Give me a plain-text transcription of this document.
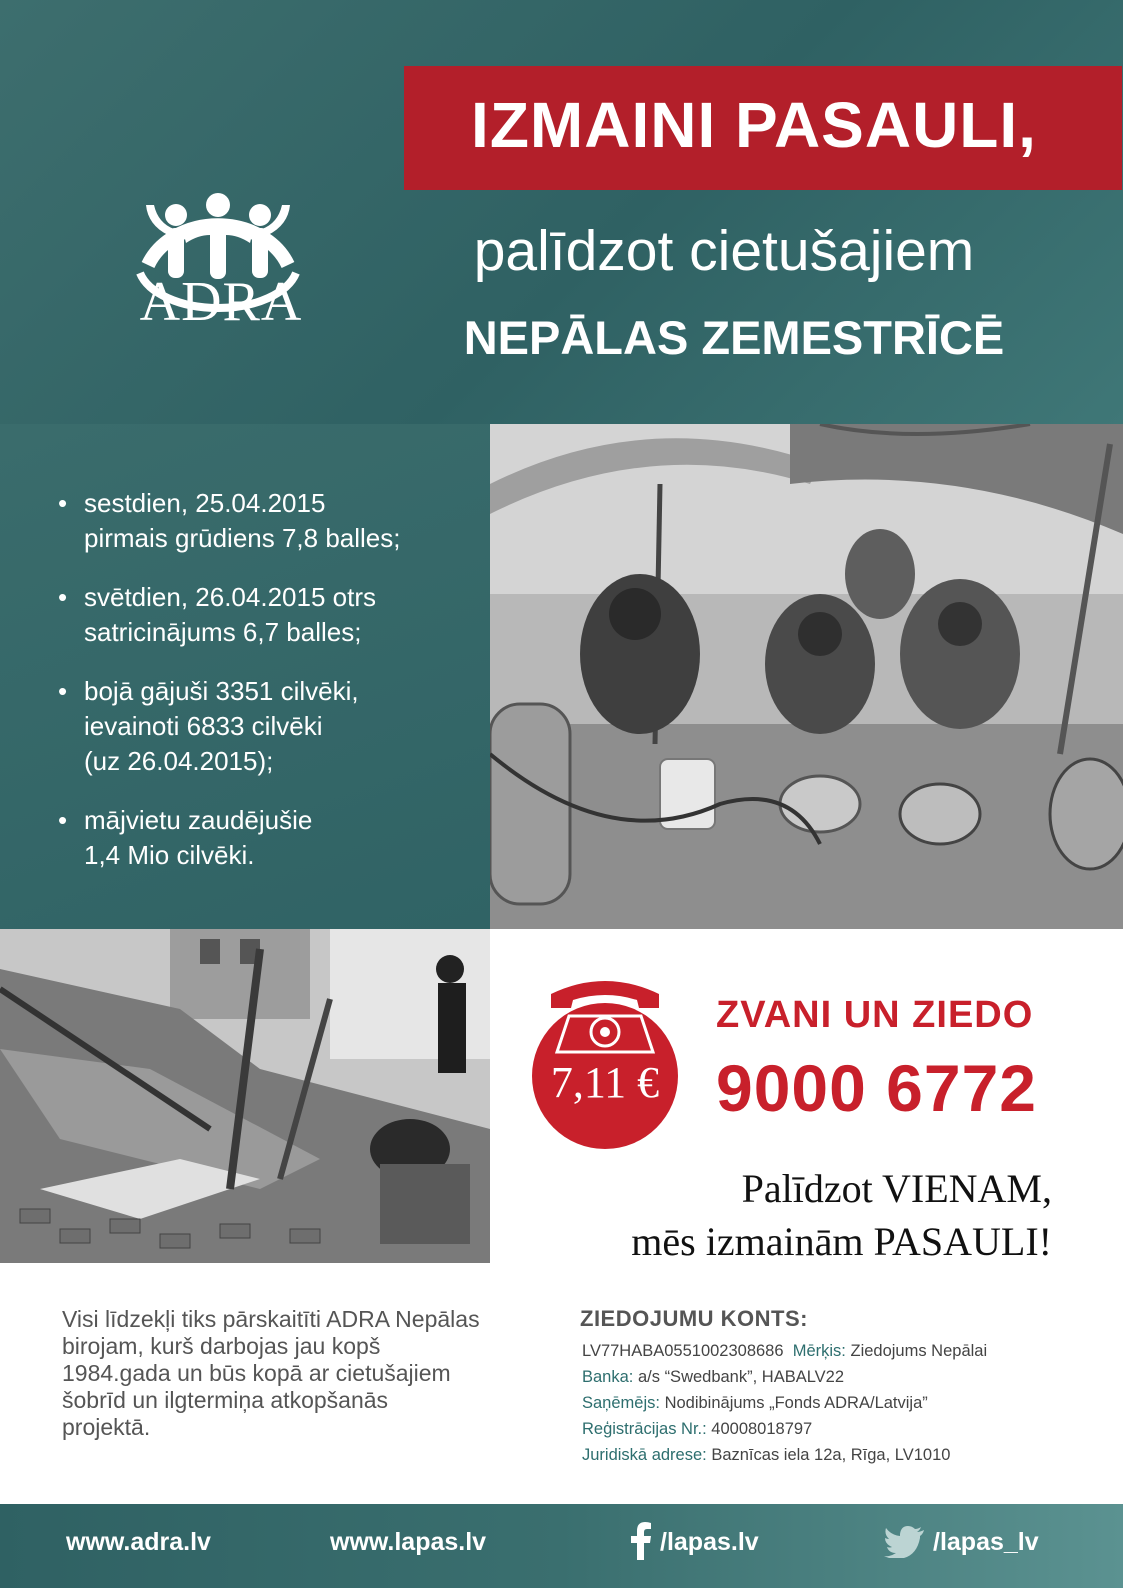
ADRA
IZMAINI PASAULI,
palīdzot cietušajiem
NEPĀLAS ZEMESTRĪCĒ
• sestdien, 25.04.2015
pirmais grūdiens 7,8 balles;
• svētdien, 26.04.2015 otrs
satricinājums 6,7 balles;
• bojā gājuši 3351 cilvēki,
ievainoti 6833 cilvēki
(uz 26.04.2015);
• mājvietu zaudējušie
1,4 Mio cilvēki.
7,11 €
ZVANI UN ZIEDO
9000 6772
Palīdzot VIENAM,
mēs izmainām PASAULI!
Visi līdzekļi tiks pārskaitīti ADRA Nepālas birojam, kurš darbojas jau kopš 1984.gada un būs kopā ar cietušajiem šobrīd un ilgtermiņa atkopšanās projektā.
ZIEDOJUMU KONTS:
LV77HABA0551002308686 Mērķis: Ziedojums Nepālai
Banka: a/s “Swedbank”, HABALV22
Saņēmējs: Nodibinājums „Fonds ADRA/Latvija”
Reģistrācijas Nr.: 40008018797
Juridiskā adrese: Baznīcas iela 12a, Rīga, LV1010
www.adra.lv	www.lapas.lv	/lapas.lv	/lapas_lv
